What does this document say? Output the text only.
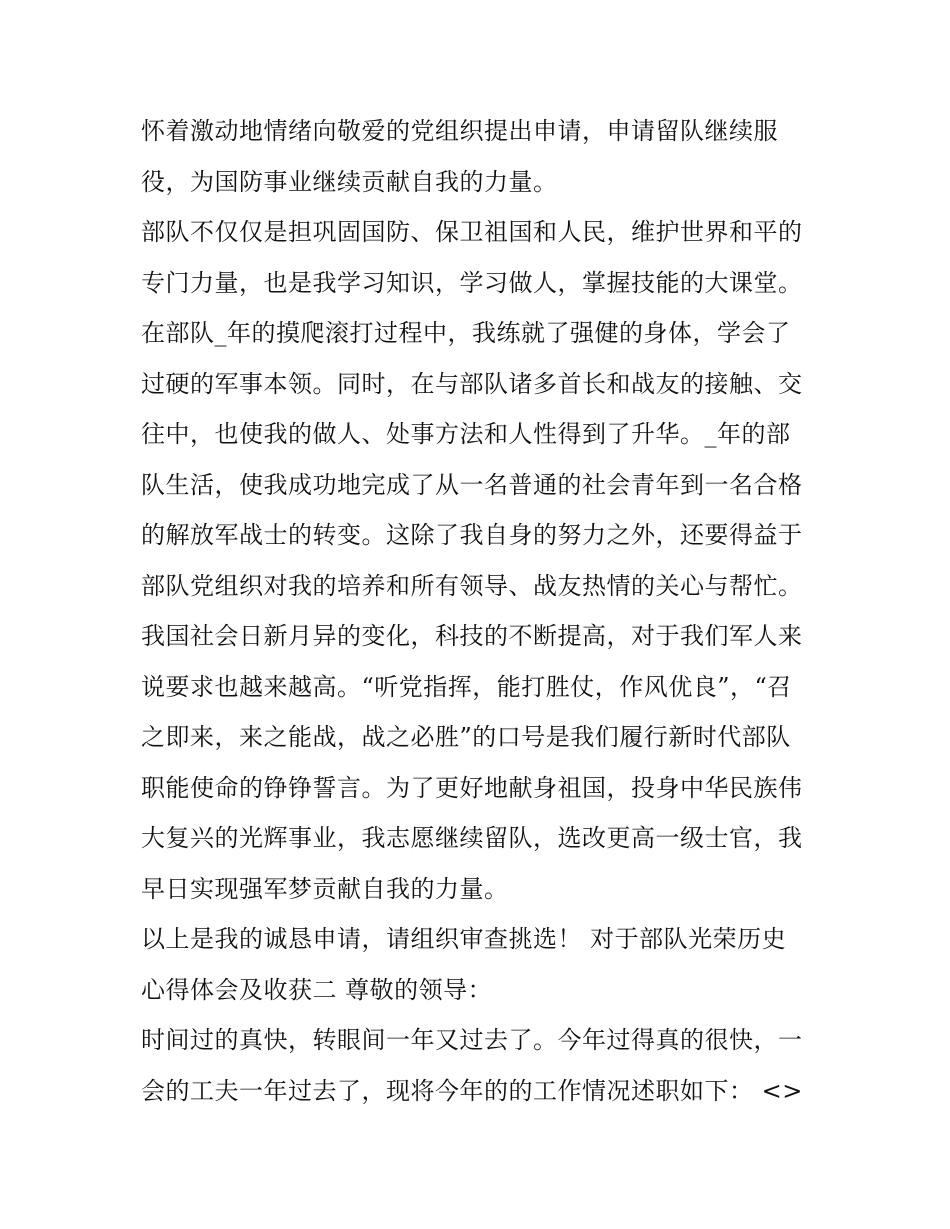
怀着激动地情绪向敬爱的党组织提出申请，申请留队继续服
役，为国防事业继续贡献自我的力量。
部队不仅仅是担巩固国防、保卫祖国和人民，维护世界和平的
专门力量，也是我学习知识，学习做人，掌握技能的大课堂。
在部队_年的摸爬滚打过程中，我练就了强健的身体，学会了
过硬的军事本领。同时，在与部队诸多首长和战友的接触、交
往中，也使我的做人、处事方法和人性得到了升华。_年的部
队生活，使我成功地完成了从一名普通的社会青年到一名合格
的解放军战士的转变。这除了我自身的努力之外，还要得益于
部队党组织对我的培养和所有领导、战友热情的关心与帮忙。
我国社会日新月异的变化，科技的不断提高，对于我们军人来
说要求也越来越高。“听党指挥，能打胜仗，作风优良”，“召
之即来，来之能战，战之必胜”的口号是我们履行新时代部队
职能使命的铮铮誓言。为了更好地献身祖国，投身中华民族伟
大复兴的光辉事业，我志愿继续留队，选改更高一级士官，我
早日实现强军梦贡献自我的力量。
以上是我的诚恳申请，请组织审查挑选！ 对于部队光荣历史
心得体会及收获二 尊敬的领导：
时间过的真快，转眼间一年又过去了。今年过得真的很快，一
会的工夫一年过去了，现将今年的的工作情况述职如下： <>
